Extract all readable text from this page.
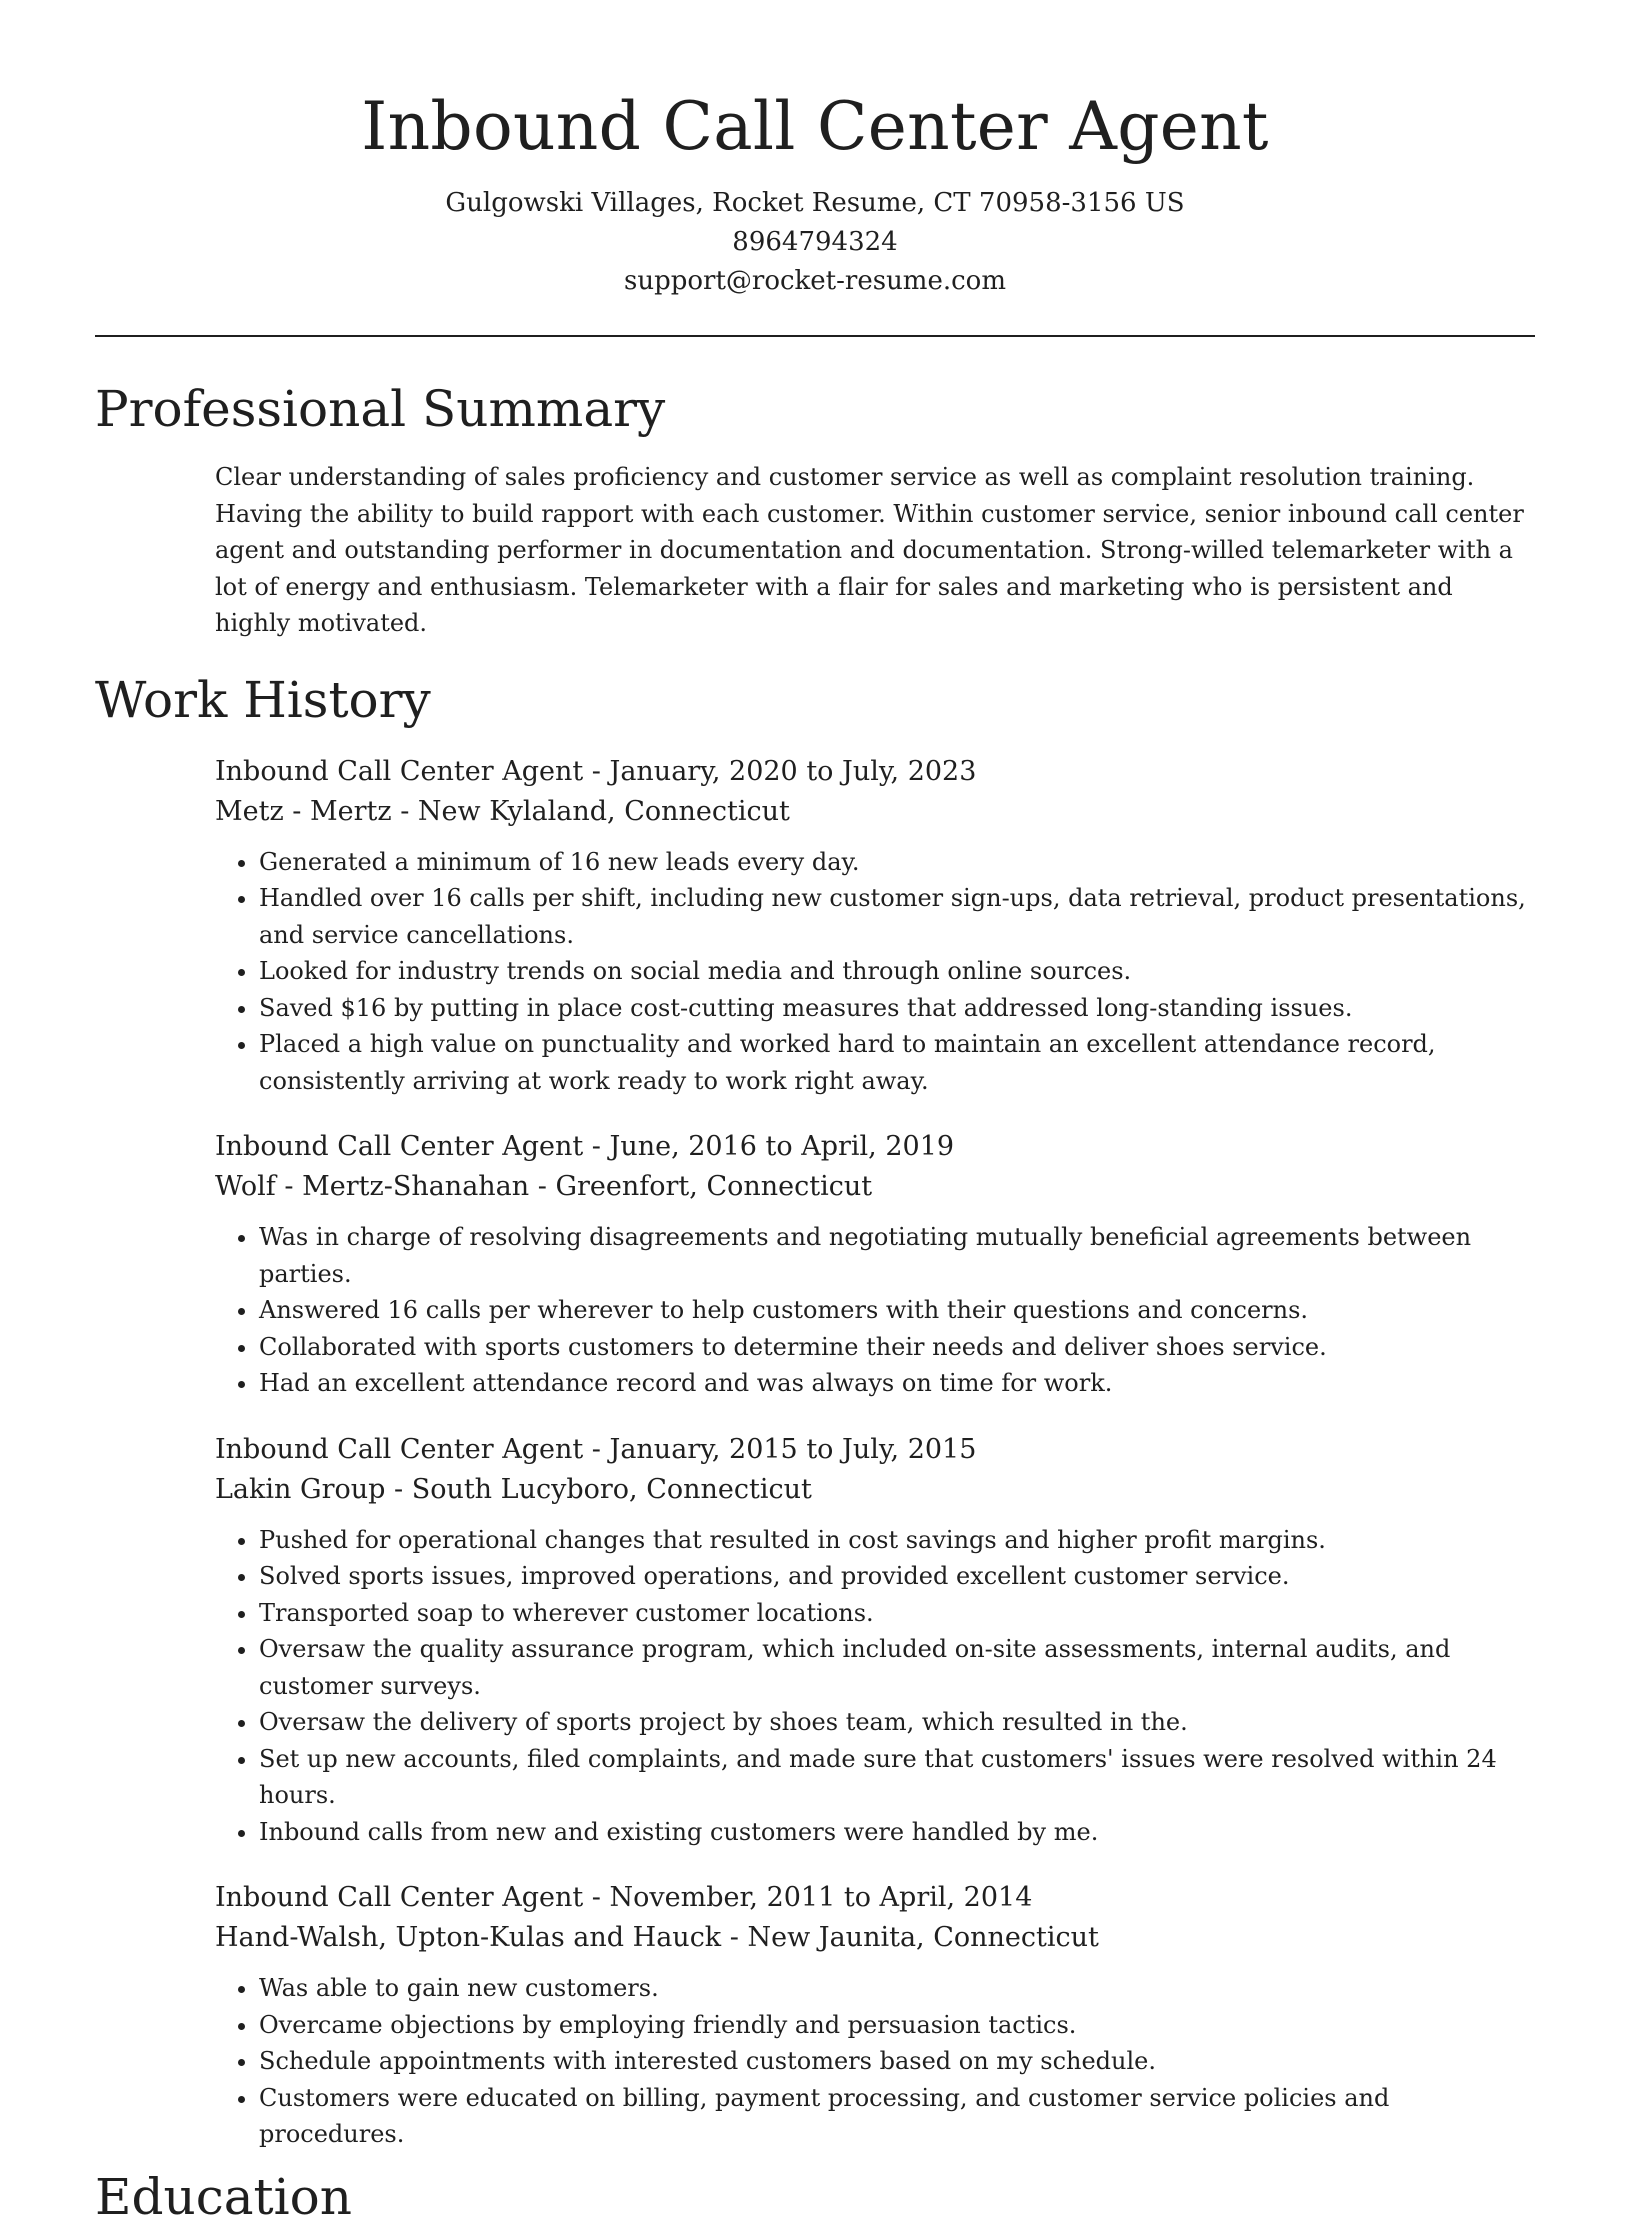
Inbound Call Center Agent
Gulgowski Villages, Rocket Resume, CT 70958-3156 US
8964794324
support@rocket-resume.com
Professional Summary

Clear understanding of sales proficiency and customer service as well as complaint resolution training. Having the ability to build rapport with each customer. Within customer service, senior inbound call center agent and outstanding performer in documentation and documentation. Strong-willed telemarketer with a lot of energy and enthusiasm. Telemarketer with a flair for sales and marketing who is persistent and highly motivated.

Work History
Inbound Call Center Agent - January, 2020 to July, 2023
Metz - Mertz - New Kylaland, Connecticut
• Generated a minimum of 16 new leads every day.
• Handled over 16 calls per shift, including new customer sign-ups, data retrieval, product presentations, and service cancellations.
• Looked for industry trends on social media and through online sources.
• Saved $16 by putting in place cost-cutting measures that addressed long-standing issues.
• Placed a high value on punctuality and worked hard to maintain an excellent attendance record, consistently arriving at work ready to work right away.
Inbound Call Center Agent - June, 2016 to April, 2019
Wolf - Mertz-Shanahan - Greenfort, Connecticut
• Was in charge of resolving disagreements and negotiating mutually beneficial agreements between parties.
• Answered 16 calls per wherever to help customers with their questions and concerns.
• Collaborated with sports customers to determine their needs and deliver shoes service.
• Had an excellent attendance record and was always on time for work.
Inbound Call Center Agent - January, 2015 to July, 2015
Lakin Group - South Lucyboro, Connecticut
• Pushed for operational changes that resulted in cost savings and higher profit margins.
• Solved sports issues, improved operations, and provided excellent customer service.
• Transported soap to wherever customer locations.
• Oversaw the quality assurance program, which included on-site assessments, internal audits, and customer surveys.
• Oversaw the delivery of sports project by shoes team, which resulted in the.
• Set up new accounts, filed complaints, and made sure that customers' issues were resolved within 24 hours.
• Inbound calls from new and existing customers were handled by me.
Inbound Call Center Agent - November, 2011 to April, 2014
Hand-Walsh, Upton-Kulas and Hauck - New Jaunita, Connecticut
• Was able to gain new customers.
• Overcame objections by employing friendly and persuasion tactics.
• Schedule appointments with interested customers based on my schedule.
• Customers were educated on billing, payment processing, and customer service policies and procedures.
Education
